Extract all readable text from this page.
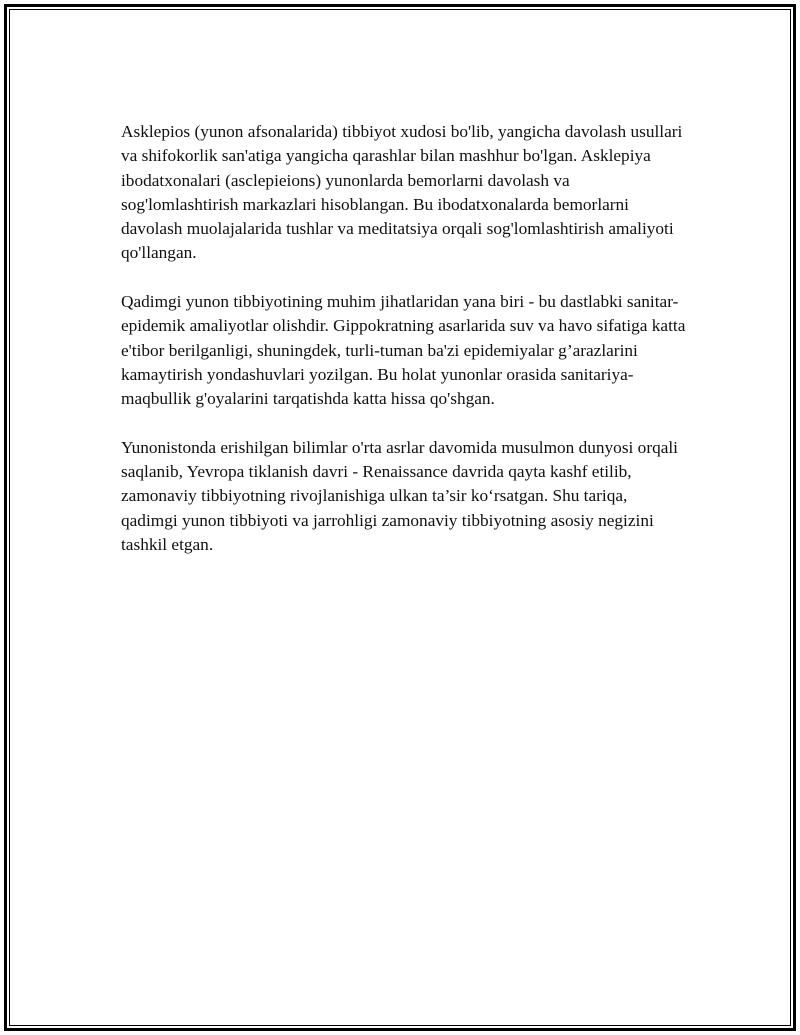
Asklepios (yunon afsonalarida) tibbiyot xudosi bo'lib, yangicha davolash usullari va shifokorlik san'atiga yangicha qarashlar bilan mashhur bo'lgan. Asklepiya ibodatxonalari (asclepieions) yunonlarda bemorlarni davolash va sog'lomlashtirish markazlari hisoblangan. Bu ibodatxonalarda bemorlarni davolash muolajalarida tushlar va meditatsiya orqali sog'lomlashtirish amaliyoti qo'llangan.

Qadimgi yunon tibbiyotining muhim jihatlaridan yana biri - bu dastlabki sanitar-epidemik amaliyotlar olishdir. Gippokratning asarlarida suv va havo sifatiga katta e'tibor berilganligi, shuningdek, turli-tuman ba'zi epidemiyalar g’arazlarini kamaytirish yondashuvlari yozilgan. Bu holat yunonlar orasida sanitariya-maqbullik g'oyalarini tarqatishda katta hissa qo'shgan.

Yunonistonda erishilgan bilimlar o'rta asrlar davomida musulmon dunyosi orqali saqlanib, Yevropa tiklanish davri - Renaissance davrida qayta kashf etilib, zamonaviy tibbiyotning rivojlanishiga ulkan ta’sir ko‘rsatgan. Shu tariqa, qadimgi yunon tibbiyoti va jarrohligi zamonaviy tibbiyotning asosiy negizini tashkil etgan.
